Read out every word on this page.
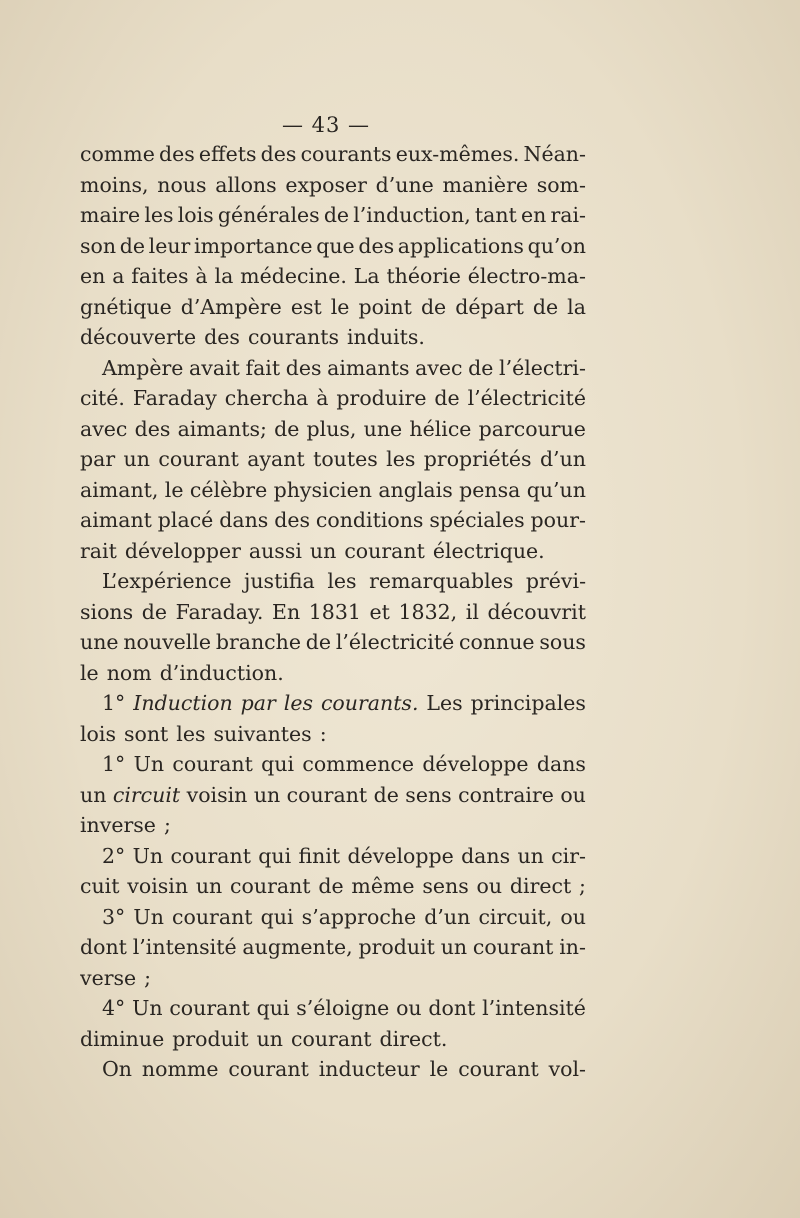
— 43 —
comme des effets des courants eux-mêmes. Néan-
moins, nous allons exposer d’une manière som-
maire les lois générales de l’induction, tant en rai-
son de leur importance que des applications qu’on
en a faites à la médecine. La théorie électro-ma-
gnétique d’Ampère est le point de départ de la
découverte des courants induits.
Ampère avait fait des aimants avec de l’électri-
cité. Faraday chercha à produire de l’électricité
avec des aimants; de plus, une hélice parcourue
par un courant ayant toutes les propriétés d’un
aimant, le célèbre physicien anglais pensa qu’un
aimant placé dans des conditions spéciales pour-
rait développer aussi un courant électrique.
L’expérience justifia les remarquables prévi-
sions de Faraday. En 1831 et 1832, il découvrit
une nouvelle branche de l’électricité connue sous
le nom d’induction.
1° Induction par les courants. Les principales
lois sont les suivantes :
1° Un courant qui commence développe dans
un circuit voisin un courant de sens contraire ou
inverse ;
2° Un courant qui finit développe dans un cir-
cuit voisin un courant de même sens ou direct ;
3° Un courant qui s’approche d’un circuit, ou
dont l’intensité augmente, produit un courant in-
verse ;
4° Un courant qui s’éloigne ou dont l’intensité
diminue produit un courant direct.
On nomme courant inducteur le courant vol-
